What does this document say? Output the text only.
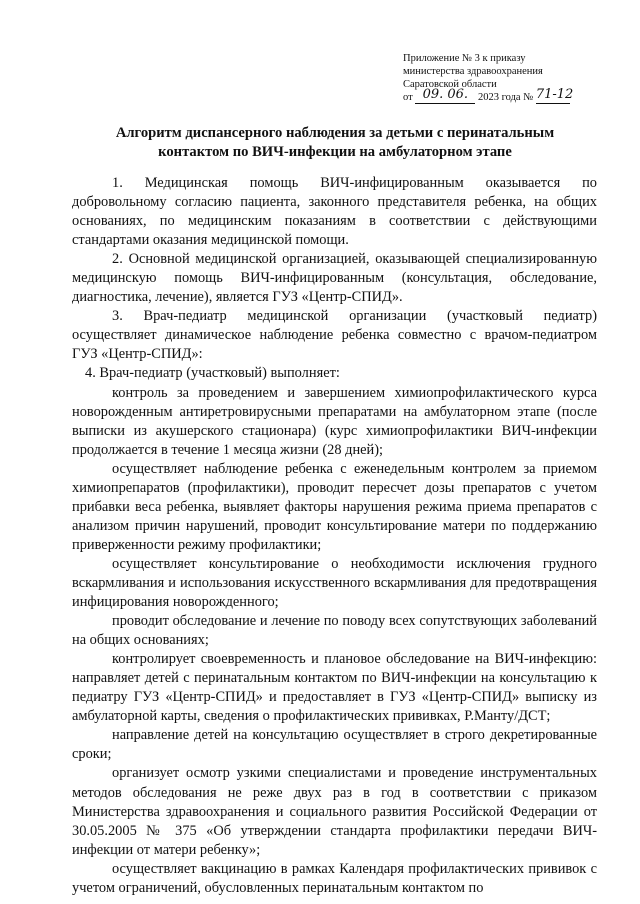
Приложение № 3 к приказу
министерства здравоохранения
Саратовской области
от 09. 06. 2023 года № 71-12
Алгоритм диспансерного наблюдения за детьми с перинатальным
контактом по ВИЧ-инфекции на амбулаторном этапе

1. Медицинская помощь ВИЧ-инфицированным оказывается по добровольному согласию пациента, законного представителя ребенка, на общих основаниях, по медицинским показаниям в соответствии с действующими стандартами оказания медицинской помощи.

2. Основной медицинской организацией, оказывающей специализированную медицинскую помощь ВИЧ-инфицированным (консультация, обследование, диагностика, лечение), является ГУЗ «Центр-СПИД».

3. Врач-педиатр медицинской организации (участковый педиатр) осуществляет динамическое наблюдение ребенка совместно с врачом-педиатром ГУЗ «Центр-СПИД»:

4. Врач-педиатр (участковый) выполняет:

контроль за проведением и завершением химиопрофилактического курса новорожденным антиретровирусными препаратами на амбулаторном этапе (после выписки из акушерского стационара) (курс химиопрофилактики ВИЧ-инфекции продолжается в течение 1 месяца жизни (28 дней);

осуществляет наблюдение ребенка с еженедельным контролем за приемом химиопрепаратов (профилактики), проводит пересчет дозы препаратов с учетом прибавки веса ребенка, выявляет факторы нарушения режима приема препаратов с анализом причин нарушений, проводит консультирование матери по поддержанию приверженности режиму профилактики;

осуществляет консультирование о необходимости исключения грудного вскармливания и использования искусственного вскармливания для предотвращения инфицирования новорожденного;

проводит обследование и лечение по поводу всех сопутствующих заболеваний на общих основаниях;

контролирует своевременность и плановое обследование на ВИЧ-инфекцию: направляет детей с перинатальным контактом по ВИЧ-инфекции на консультацию к педиатру ГУЗ «Центр-СПИД» и предоставляет в ГУЗ «Центр-СПИД» выписку из амбулаторной карты, сведения о профилактических прививках, Р.Манту/ДСТ;

направление детей на консультацию осуществляет в строго декретированные сроки;

организует осмотр узкими специалистами и проведение инструментальных методов обследования не реже двух раз в год в соответствии с приказом Министерства здравоохранения и социального развития Российской Федерации от 30.05.2005 № 375 «Об утверждении стандарта профилактики передачи ВИЧ-инфекции от матери ребенку»;

осуществляет вакцинацию в рамках Календаря профилактических прививок с учетом ограничений, обусловленных перинатальным контактом по
